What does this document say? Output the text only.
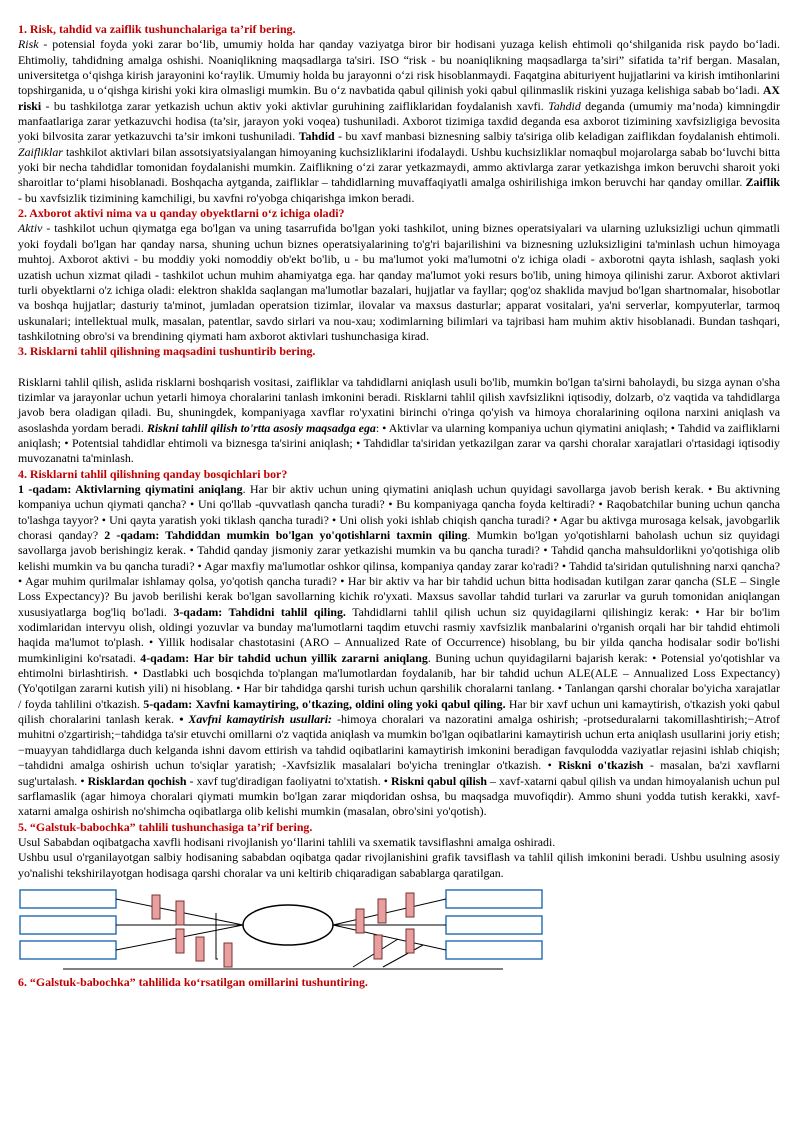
1. Risk, tahdid va zaiflik tushunchalariga ta’rif bering.

Risk - potensial foyda yoki zarar bo‘lib, umumiy holda har qanday vaziyatga biror bir hodisani yuzaga kelish ehtimoli qo‘shilganida risk paydo bo‘ladi. Ehtimoliy, tahdidning amalga oshishi. Noaniqlikning maqsadlarga ta'siri. ISO “risk - bu noaniqlikning maqsadlarga ta’siri” sifatida ta’rif bergan. Masalan, universitetga o‘qishga kirish jarayonini ko‘raylik. Umumiy holda bu jarayonni o‘zi risk hisoblanmaydi. Faqatgina abituriyent hujjatlarini va kirish imtihonlarini topshirganida, u o‘qishga kirishi yoki kira olmasligi mumkin. Bu o‘z navbatida qabul qilinish yoki qabul qilinmaslik riskini yuzaga kelishiga sabab bo‘ladi. AX riski - bu tashkilotga zarar yetkazish uchun aktiv yoki aktivlar guruhining zaifliklaridan foydalanish xavfi. Tahdid deganda (umumiy ma’noda) kimningdir manfaatlariga zarar yetkazuvchi hodisa (ta’sir, jarayon yoki voqea) tushuniladi. Axborot tizimiga taxdid deganda esa axborot tizimining xavfsizligiga bevosita yoki bilvosita zarar yetkazuvchi ta’sir imkoni tushuniladi. Tahdid - bu xavf manbasi biznesning salbiy ta'siriga olib keladigan zaiflikdan foydalanish ehtimoli. Zaifliklar tashkilot aktivlari bilan assotsiyatsiyalangan himoyaning kuchsizliklarini ifodalaydi. Ushbu kuchsizliklar nomaqbul mojarolarga sabab bo‘luvchi bitta yoki bir necha tahdidlar tomonidan foydalanishi mumkin. Zaiflikning o‘zi zarar yetkazmaydi, ammo aktivlarga zarar yetkazishga imkon beruvchi sharoit yoki sharoitlar to‘plami hisoblanadi. Boshqacha aytganda, zaifliklar – tahdidlarning muvaffaqiyatli amalga oshirilishiga imkon beruvchi har qanday omillar. Zaiflik - bu xavfsizlik tizimining kamchiligi, bu xavfni ro'yobga chiqarishga imkon beradi.

2. Axborot aktivi nima va u qanday obyektlarni o‘z ichiga oladi?

Aktiv - tashkilot uchun qiymatga ega bo'lgan va uning tasarrufida bo'lgan yoki tashkilot, uning biznes operatsiyalari va ularning uzluksizligi uchun qimmatli yoki foydali bo'lgan har qanday narsa, shuning uchun biznes operatsiyalarining to'g'ri bajarilishini va biznesning uzluksizligini ta'minlash uchun himoyaga muhtoj. Axborot aktivi - bu moddiy yoki nomoddiy ob'ekt bo'lib, u - bu ma'lumot yoki ma'lumotni o'z ichiga oladi - axborotni qayta ishlash, saqlash yoki uzatish uchun xizmat qiladi - tashkilot uchun muhim ahamiyatga ega. har qanday ma'lumot yoki resurs bo'lib, uning himoya qilinishi zarur. Axborot aktivlari turli obyektlarni o'z ichiga oladi: elektron shaklda saqlangan ma'lumotlar bazalari, hujjatlar va fayllar; qog'oz shaklida mavjud bo'lgan shartnomalar, hisobotlar va boshqa hujjatlar; dasturiy ta'minot, jumladan operatsion tizimlar, ilovalar va maxsus dasturlar; apparat vositalari, ya'ni serverlar, kompyuterlar, tarmoq uskunalari; intellektual mulk, masalan, patentlar, savdo sirlari va nou-xau; xodimlarning bilimlari va tajribasi ham muhim aktiv hisoblanadi. Bundan tashqari, tashkilotning obro'si va brendining qiymati ham axborot aktivlari tushunchasiga kirad.

3. Risklarni tahlil qilishning maqsadini tushuntirib bering.

Risklarni tahlil qilish, aslida risklarni boshqarish vositasi, zaifliklar va tahdidlarni aniqlash usuli bo'lib, mumkin bo'lgan ta'sirni baholaydi, bu sizga aynan o'sha tizimlar va jarayonlar uchun yetarli himoya choralarini tanlash imkonini beradi. Risklarni tahlil qilish xavfsizlikni iqtisodiy, dolzarb, o'z vaqtida va tahdidlarga javob bera oladigan qiladi. Bu, shuningdek, kompaniyaga xavflar ro'yxatini birinchi o'ringa qo'yish va himoya choralarining oqilona narxini aniqlash va asoslashda yordam beradi. Riskni tahlil qilish to'rtta asosiy maqsadga ega: • Aktivlar va ularning kompaniya uchun qiymatini aniqlash; • Tahdid va zaifliklarni aniqlash; • Potentsial tahdidlar ehtimoli va biznesga ta'sirini aniqlash; • Tahdidlar ta'siridan yetkazilgan zarar va qarshi choralar xarajatlari o'rtasidagi iqtisodiy muvozanatni ta'minlash.

4. Risklarni tahlil qilishning qanday bosqichlari bor?

1 -qadam: Aktivlarning qiymatini aniqlang. Har bir aktiv uchun uning qiymatini aniqlash uchun quyidagi savollarga javob berish kerak. • Bu aktivning kompaniya uchun qiymati qancha? • Uni qo'llab -quvvatlash qancha turadi? • Bu kompaniyaga qancha foyda keltiradi? • Raqobatchilar buning uchun qancha to'lashga tayyor? • Uni qayta yaratish yoki tiklash qancha turadi? • Uni olish yoki ishlab chiqish qancha turadi? • Agar bu aktivga murosaga kelsak, javobgarlik chorasi qanday? 2 -qadam: Tahdiddan mumkin bo'lgan yo'qotishlarni taxmin qiling. Mumkin bo'lgan yo'qotishlarni baholash uchun siz quyidagi savollarga javob berishingiz kerak. • Tahdid qanday jismoniy zarar yetkazishi mumkin va bu qancha turadi? • Tahdid qancha mahsuldorlikni yo'qotishiga olib kelishi mumkin va bu qancha turadi? • Agar maxfiy ma'lumotlar oshkor qilinsa, kompaniya qanday zarar ko'radi? • Tahdid ta'siridan qutulishning narxi qancha? • Agar muhim qurilmalar ishlamay qolsa, yo'qotish qancha turadi? • Har bir aktiv va har bir tahdid uchun bitta hodisadan kutilgan zarar qancha (SLE – Single Loss Expectancy)? Bu javob berilishi kerak bo'lgan savollarning kichik ro'yxati. Maxsus savollar tahdid turlari va zarurlar va guruh tomonidan aniqlangan xususiyatlarga bog'liq bo'ladi. 3-qadam: Tahdidni tahlil qiling. Tahdidlarni tahlil qilish uchun siz quyidagilarni qilishingiz kerak: • Har bir bo'lim xodimlaridan intervyu olish, oldingi yozuvlar va bunday ma'lumotlarni taqdim etuvchi rasmiy xavfsizlik manbalarini o'rganish orqali har bir tahdid ehtimoli haqida ma'lumot to'plash. • Yillik hodisalar chastotasini (ARO – Annualized Rate of Occurrence) hisoblang, bu bir yilda qancha hodisalar sodir bo'lishi mumkinligini ko'rsatadi. 4-qadam: Har bir tahdid uchun yillik zararni aniqlang. Buning uchun quyidagilarni bajarish kerak: • Potensial yo'qotishlar va ehtimolni birlashtirish. • Dastlabki uch bosqichda to'plangan ma'lumotlardan foydalanib, har bir tahdid uchun ALE(ALE – Annualized Loss Expectancy) (Yo'qotilgan zararni kutish yili) ni hisoblang. • Har bir tahdidga qarshi turish uchun qarshilik choralarni tanlang. • Tanlangan qarshi choralar bo'yicha xarajatlar / foyda tahlilini o'tkazish. 5-qadam: Xavfni kamaytiring, o'tkazing, oldini oling yoki qabul qiling. Har bir xavf uchun uni kamaytirish, o'tkazish yoki qabul qilish choralarini tanlash kerak. • Xavfni kamaytirish usullari: -himoya choralari va nazoratini amalga oshirish; -protseduralarni takomillashtirish;−Atrof muhitni o'zgartirish;−tahdidga ta'sir etuvchi omillarni o'z vaqtida aniqlash va mumkin bo'lgan oqibatlarini kamaytirish uchun erta aniqlash usullarini joriy etish;−muayyan tahdidlarga duch kelganda ishni davom ettirish va tahdid oqibatlarini kamaytirish imkonini beradigan favqulodda vaziyatlar rejasini ishlab chiqish;−tahdidni amalga oshirish uchun to'siqlar yaratish; -Xavfsizlik masalalari bo'yicha treninglar o'tkazish. • Riskni o'tkazish - masalan, ba'zi xavflarni sug'urtalash. • Risklardan qochish - xavf tug'diradigan faoliyatni to'xtatish. • Riskni qabul qilish – xavf-xatarni qabul qilish va undan himoyalanish uchun pul sarflamaslik (agar himoya choralari qiymati mumkin bo'lgan zarar miqdoridan oshsa, bu maqsadga muvofiqdir). Ammo shuni yodda tutish kerakki, xavf-xatarni amalga oshirish no'shimcha oqibatlarga olib kelishi mumkin (masalan, obro'sini yo'qotish).

5. “Galstuk-babochka” tahlili tushunchasiga ta’rif bering.

Usul Sababdan oqibatgacha xavfli hodisani rivojlanish yo‘llarini tahlili va sxematik tavsiflashni amalga oshiradi.

Ushbu usul o'rganilayotgan salbiy hodisaning sababdan oqibatga qadar rivojlanishini grafik tavsiflash va tahlil qilish imkonini beradi. Ushbu usulning asosiy yo'nalishi tekshirilayotgan hodisaga qarshi choralar va uni keltirib chiqaradigan sabablarga qaratilgan.

6. “Galstuk-babochka” tahlilida ko‘rsatilgan omillarini tushuntiring.
